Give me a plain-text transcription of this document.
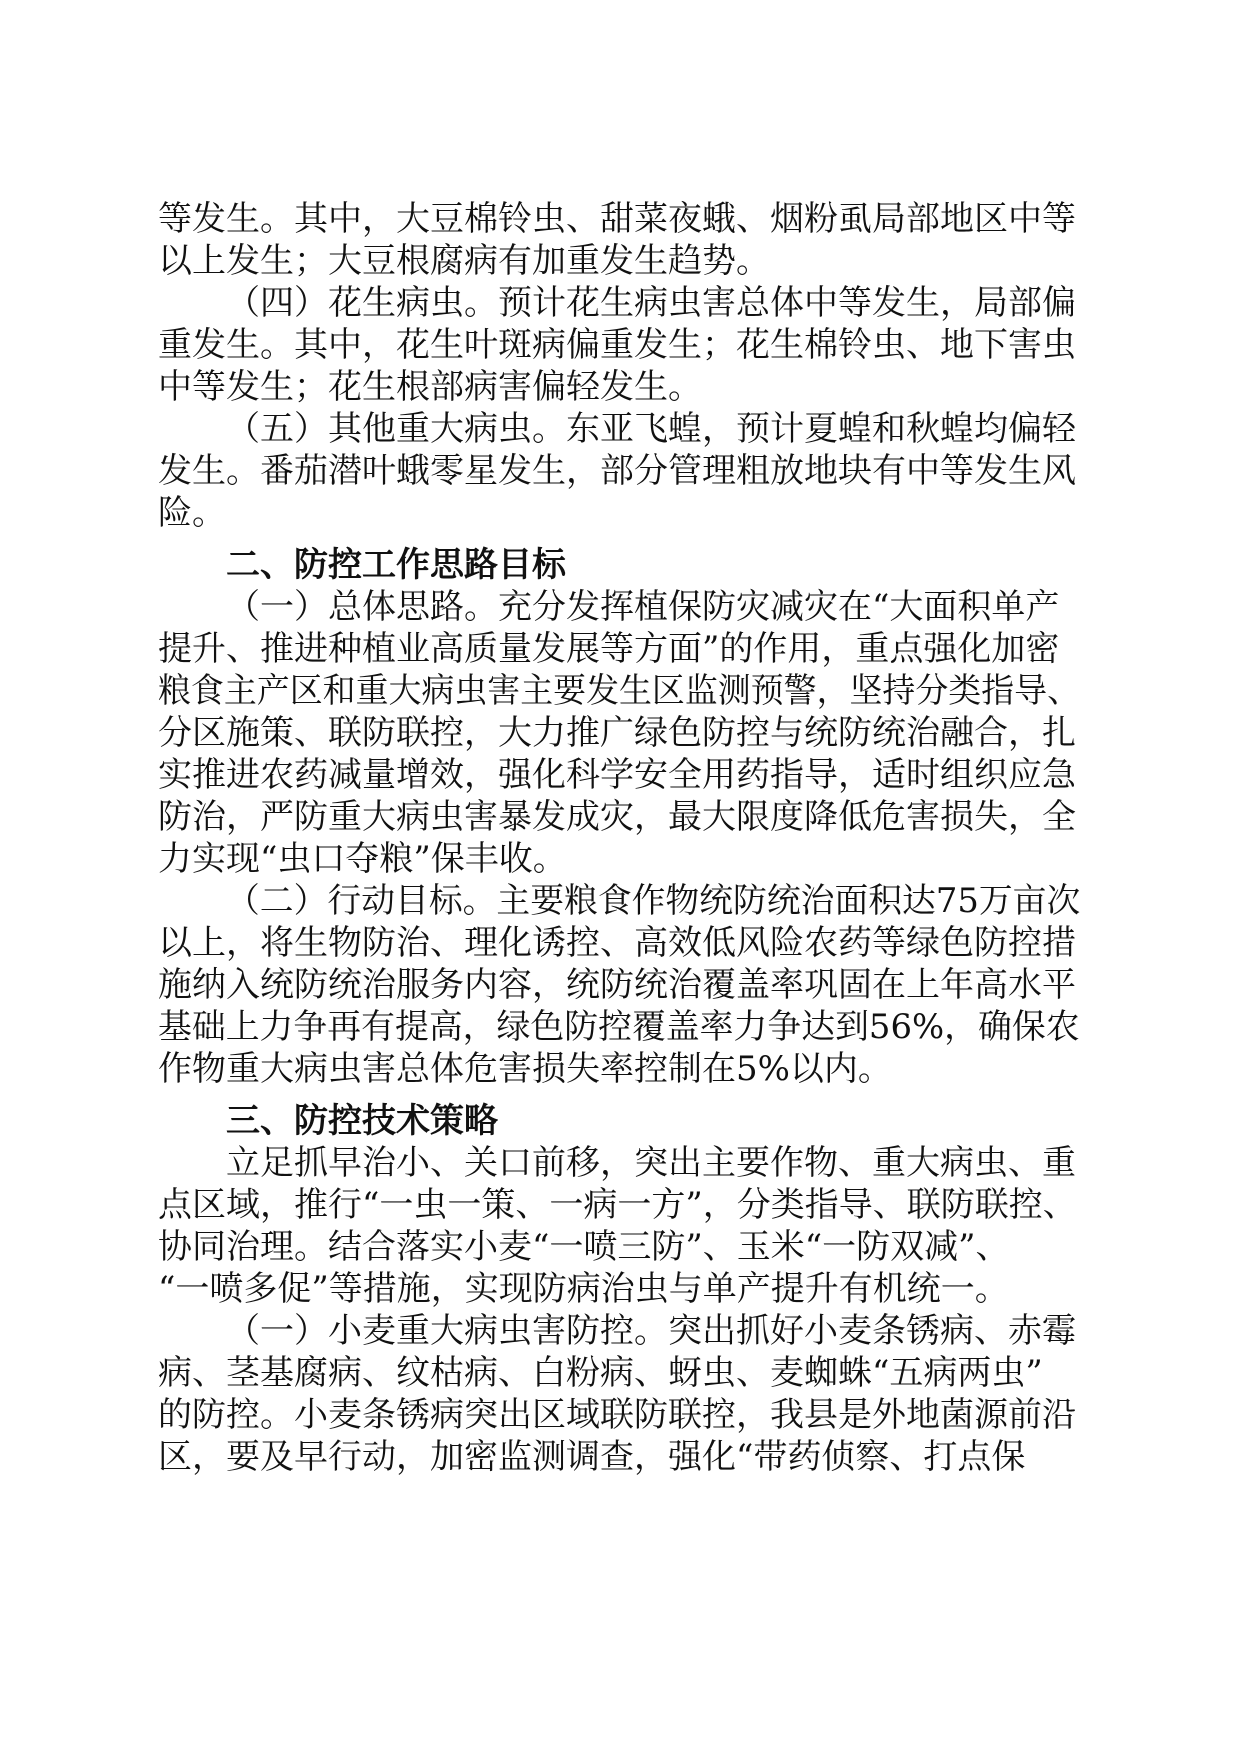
等发生。其中，大豆棉铃虫、甜菜夜蛾、烟粉虱局部地区中等
以上发生；大豆根腐病有加重发生趋势。
（四）花生病虫。预计花生病虫害总体中等发生，局部偏
重发生。其中，花生叶斑病偏重发生；花生棉铃虫、地下害虫
中等发生；花生根部病害偏轻发生。
（五）其他重大病虫。东亚飞蝗，预计夏蝗和秋蝗均偏轻
发生。番茄潜叶蛾零星发生，部分管理粗放地块有中等发生风
险。
二、防控工作思路目标
（一）总体思路。充分发挥植保防灾减灾在“大面积单产
提升、推进种植业高质量发展等方面”的作用，重点强化加密
粮食主产区和重大病虫害主要发生区监测预警，坚持分类指导、
分区施策、联防联控，大力推广绿色防控与统防统治融合，扎
实推进农药减量增效，强化科学安全用药指导，适时组织应急
防治，严防重大病虫害暴发成灾，最大限度降低危害损失，全
力实现“虫口夺粮”保丰收。
（二）行动目标。主要粮食作物统防统治面积达75万亩次
以上，将生物防治、理化诱控、高效低风险农药等绿色防控措
施纳入统防统治服务内容，统防统治覆盖率巩固在上年高水平
基础上力争再有提高，绿色防控覆盖率力争达到56%，确保农
作物重大病虫害总体危害损失率控制在5%以内。
三、防控技术策略
立足抓早治小、关口前移，突出主要作物、重大病虫、重
点区域，推行“一虫一策、一病一方”，分类指导、联防联控、
协同治理。结合落实小麦“一喷三防”、玉米“一防双减”、
“一喷多促”等措施，实现防病治虫与单产提升有机统一。
（一）小麦重大病虫害防控。突出抓好小麦条锈病、赤霉
病、茎基腐病、纹枯病、白粉病、蚜虫、麦蜘蛛“五病两虫”
的防控。小麦条锈病突出区域联防联控，我县是外地菌源前沿
区，要及早行动，加密监测调查，强化“带药侦察、打点保
